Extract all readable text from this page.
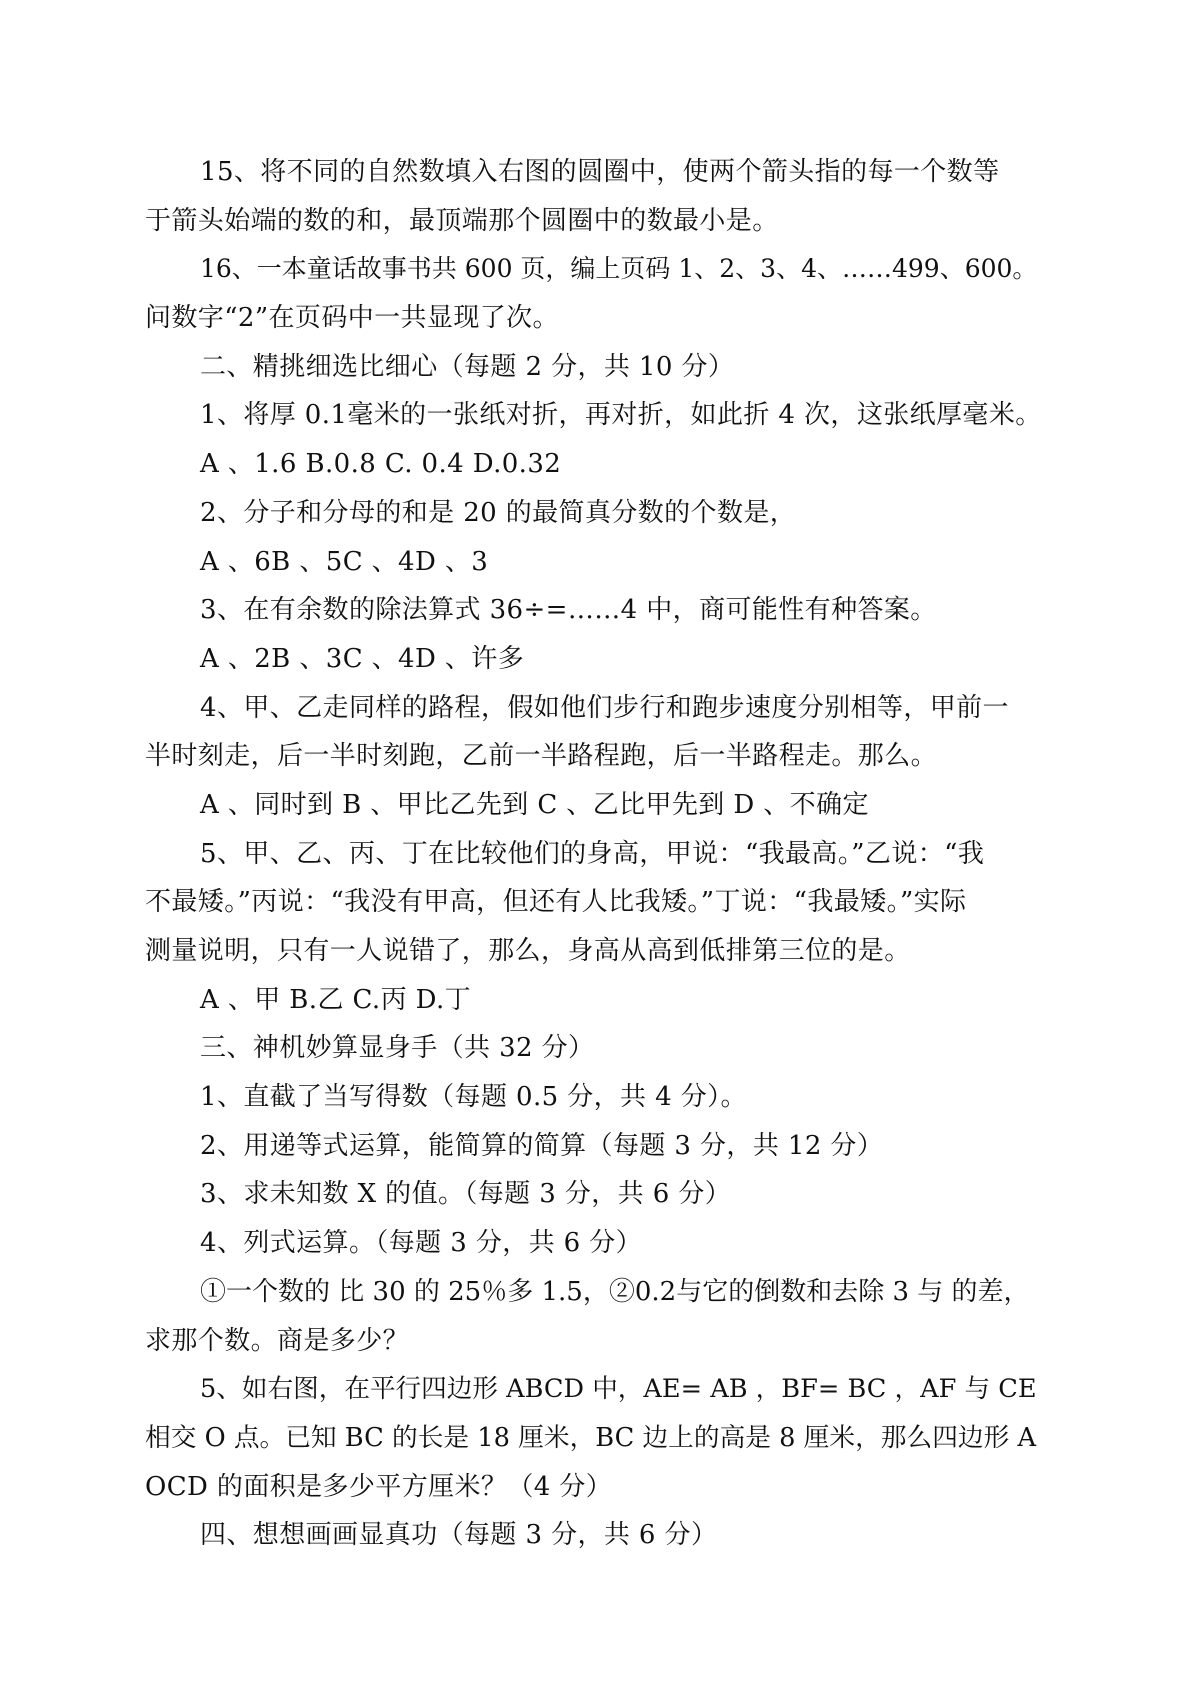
15、将不同的自然数填入右图的圆圈中，使两个箭头指的每一个数等
于箭头始端的数的和，最顶端那个圆圈中的数最小是。
16、一本童话故事书共 600 页，编上页码 1、2、3、4、……499、600。
问数字“2”在页码中一共显现了次。
二、精挑细选比细心（每题 2 分，共 10 分）
1、将厚 0.1毫米的一张纸对折，再对折，如此折 4 次，这张纸厚毫米。
A 、1.6 B.0.8 C. 0.4 D.0.32
2、分子和分母的和是 20 的最简真分数的个数是，
A 、6B 、5C 、4D 、3
3、在有余数的除法算式 36÷=……4 中，商可能性有种答案。
A 、2B 、3C 、4D 、许多
4、甲、乙走同样的路程，假如他们步行和跑步速度分别相等，甲前一
半时刻走，后一半时刻跑，乙前一半路程跑，后一半路程走。那么。
A 、同时到 B 、甲比乙先到 C 、乙比甲先到 D 、不确定
5、甲、乙、丙、丁在比较他们的身高，甲说：“我最高。”乙说：“我
不最矮。”丙说：“我没有甲高，但还有人比我矮。”丁说：“我最矮。”实际
测量说明，只有一人说错了，那么，身高从高到低排第三位的是。
A 、甲 B.乙 C.丙 D.丁
三、神机妙算显身手（共 32 分）
1、直截了当写得数（每题 0.5 分，共 4 分）。
2、用递等式运算，能简算的简算（每题 3 分，共 12 分）
3、求未知数 X 的值。（每题 3 分，共 6 分）
4、列式运算。（每题 3 分，共 6 分）
①一个数的 比 30 的 25％多 1.5，②0.2与它的倒数和去除 3 与 的差，
求那个数。商是多少？
5、如右图，在平行四边形 ABCD 中，AE= AB ，BF= BC ，AF 与 CE
相交 O 点。已知 BC 的长是 18 厘米，BC 边上的高是 8 厘米，那么四边形 A
OCD 的面积是多少平方厘米？（4 分）
四、想想画画显真功（每题 3 分，共 6 分）
